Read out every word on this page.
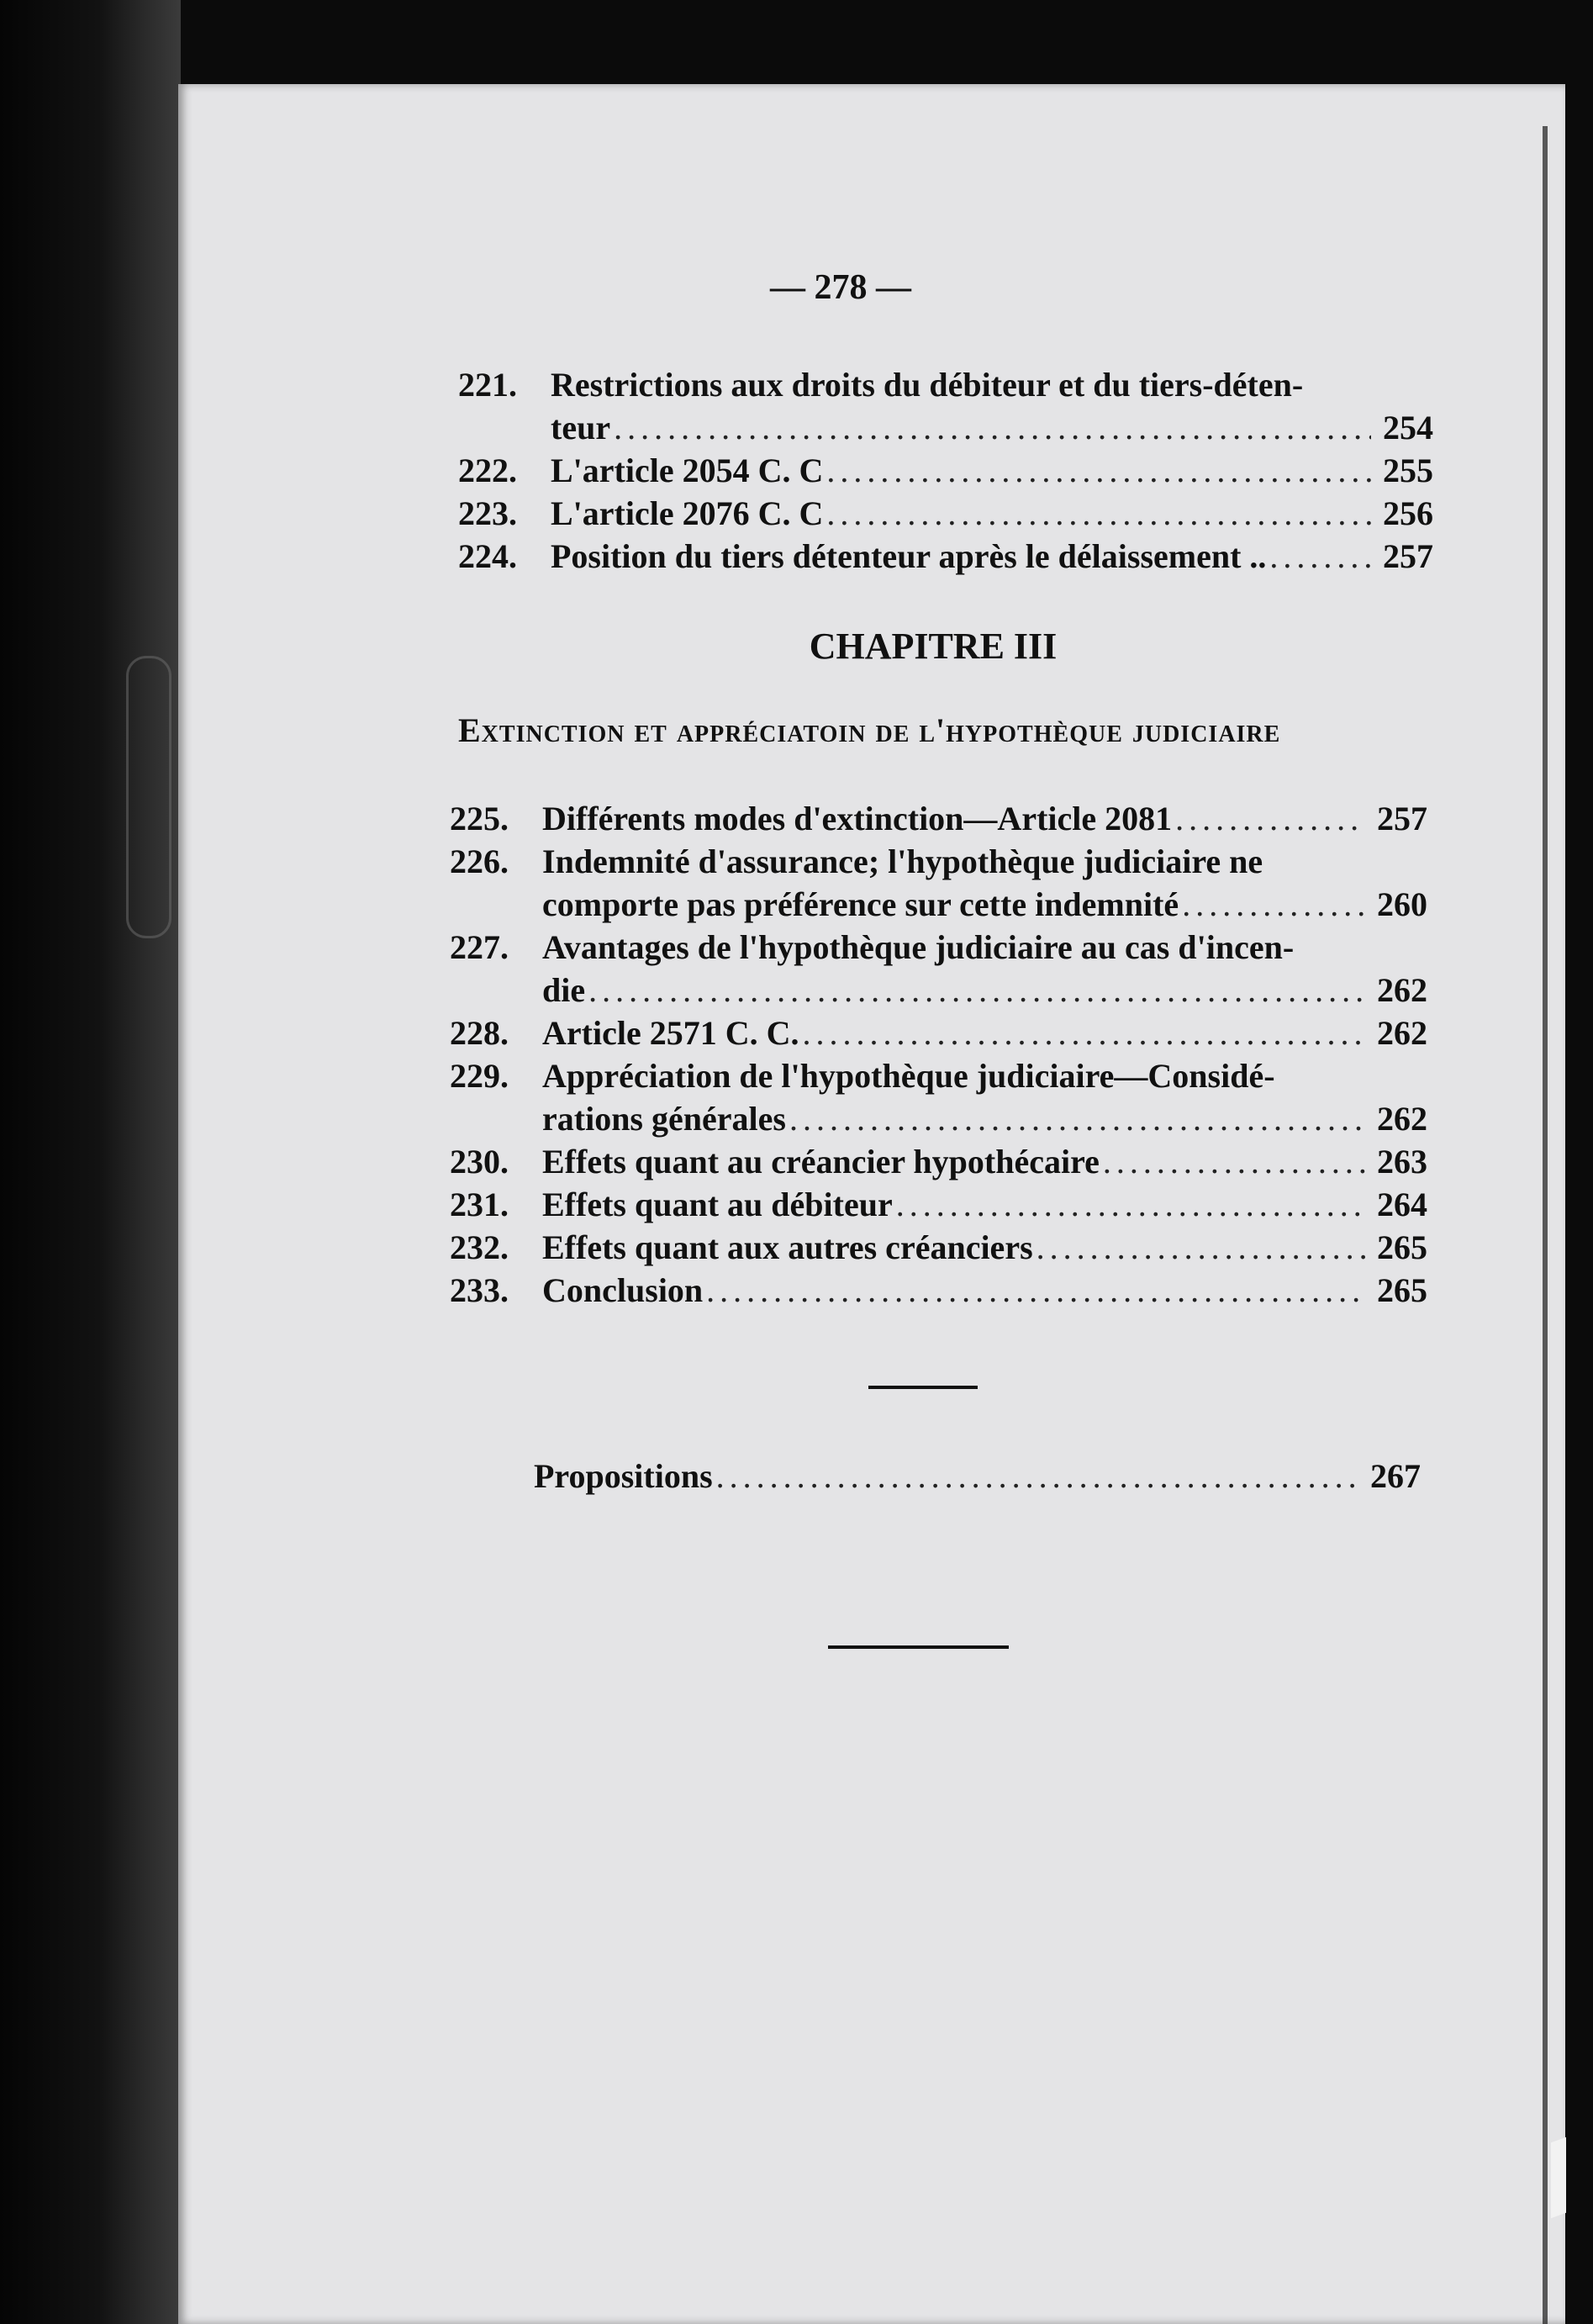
— 278 —
221.	Restrictions aux droits du débiteur et du tiers-déten-
teur .....	254
222.	L'article 2054 C. C .....	255
223.	L'article 2076 C. C .....	256
224.	Position du tiers détenteur après le délaissement .. .....	257
CHAPITRE III
Extinction et appréciatoin de l'hypothèque judiciaire
225.	Différents modes d'extinction—Article 2081 .....	257
226.	Indemnité d'assurance; l'hypothèque judiciaire ne
comporte pas préférence sur cette indemnité .....	260
227.	Avantages de l'hypothèque judiciaire au cas d'incen-
die .....	262
228.	Article 2571 C. C. .....	262
229.	Appréciation de l'hypothèque judiciaire—Considé-
rations générales .....	262
230.	Effets quant au créancier hypothécaire .....	263
231.	Effets quant au débiteur .....	264
232.	Effets quant aux autres créanciers .....	265
233.	Conclusion .....	265
Propositions .....	267
